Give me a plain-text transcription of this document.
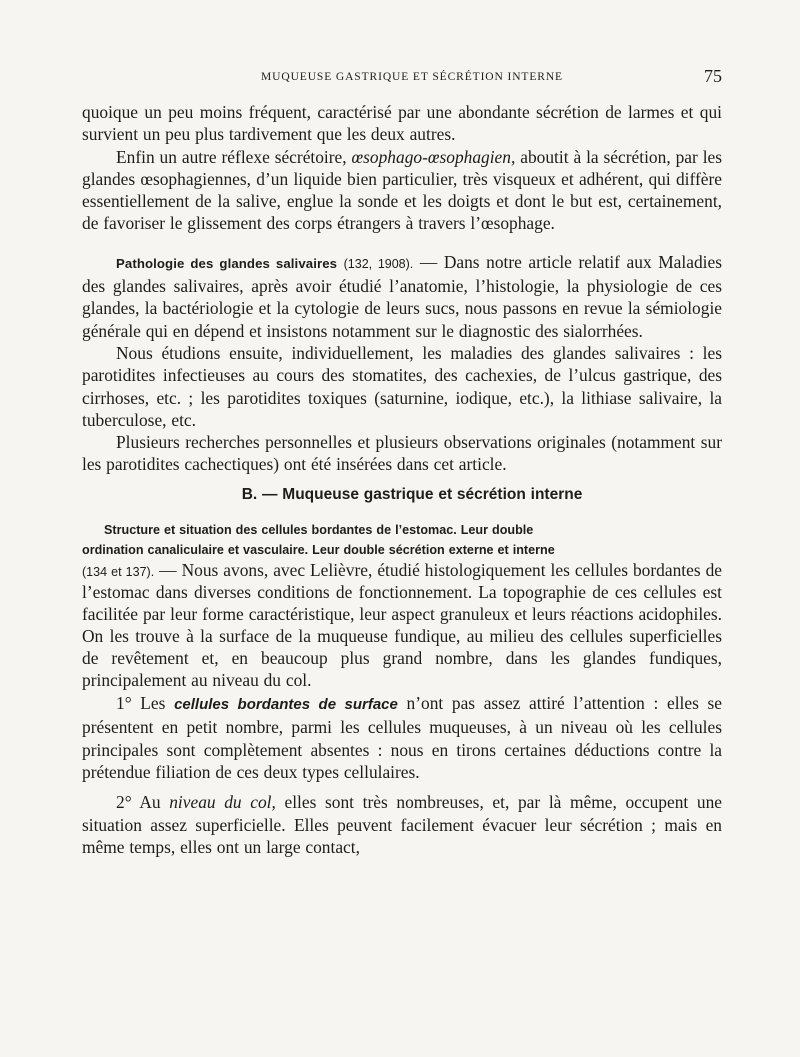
MUQUEUSE GASTRIQUE ET SÉCRÉTION INTERNE	75

quoique un peu moins fréquent, caractérisé par une abondante sécrétion de larmes et qui survient un peu plus tardivement que les deux autres.

Enfin un autre réflexe sécrétoire, œsophago-œsophagien, aboutit à la sécrétion, par les glandes œsophagiennes, d’un liquide bien particulier, très visqueux et adhérent, qui diffère essentiellement de la salive, englue la sonde et les doigts et dont le but est, certainement, de favoriser le glissement des corps étrangers à travers l’œsophage.

Pathologie des glandes salivaires (132, 1908). — Dans notre article relatif aux Maladies des glandes salivaires, après avoir étudié l’anatomie, l’histologie, la physiologie de ces glandes, la bactériologie et la cytologie de leurs sucs, nous passons en revue la sémiologie générale qui en dépend et insistons notamment sur le diagnostic des sialorrhées.

Nous étudions ensuite, individuellement, les maladies des glandes salivaires : les parotidites infectieuses au cours des stomatites, des cachexies, de l’ulcus gastrique, des cirrhoses, etc. ; les parotidites toxiques (saturnine, iodique, etc.), la lithiase salivaire, la tuberculose, etc.

Plusieurs recherches personnelles et plusieurs observations originales (notamment sur les parotidites cachectiques) ont été insérées dans cet article.

B. — Muqueuse gastrique et sécrétion interne

Structure et situation des cellules bordantes de l’estomac. Leur double
ordination canaliculaire et vasculaire. Leur double sécrétion externe et interne
(134 et 137). — Nous avons, avec Lelièvre, étudié histologiquement les cellules bordantes de l’estomac dans diverses conditions de fonctionnement. La topographie de ces cellules est facilitée par leur forme caractéristique, leur aspect granuleux et leurs réactions acidophiles. On les trouve à la surface de la muqueuse fundique, au milieu des cellules superficielles de revêtement et, en beaucoup plus grand nombre, dans les glandes fundiques, principalement au niveau du col.

1° Les cellules bordantes de surface n’ont pas assez attiré l’attention : elles se présentent en petit nombre, parmi les cellules muqueuses, à un niveau où les cellules principales sont complètement absentes : nous en tirons certaines déductions contre la prétendue filiation de ces deux types cellulaires.

2° Au niveau du col, elles sont très nombreuses, et, par là même, occupent une situation assez superficielle. Elles peuvent facilement évacuer leur sécrétion ; mais en même temps, elles ont un large contact,
